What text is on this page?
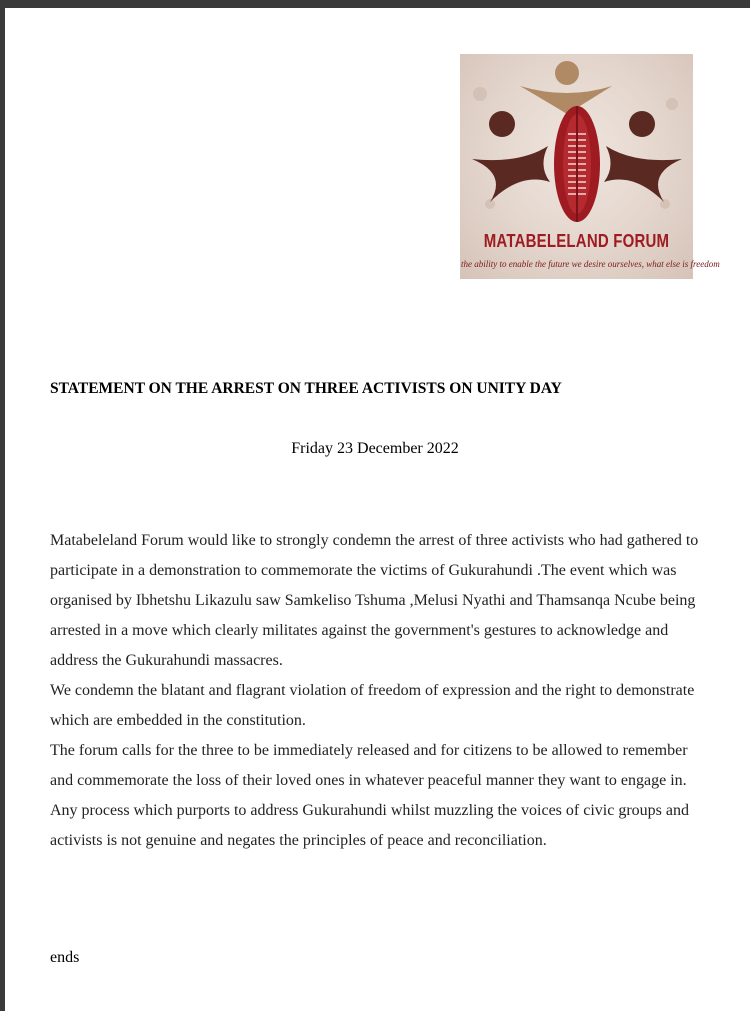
MATABELELAND FORUM
the ability to enable the future we desire ourselves, what else is freedom
STATEMENT ON THE ARREST ON THREE ACTIVISTS ON UNITY DAY
Friday 23 December 2022

Matabeleland Forum would like to strongly condemn the arrest of three activists who had gathered to participate in a demonstration to commemorate the victims of Gukurahundi .The event which was organised by Ibhetshu Likazulu saw Samkeliso Tshuma ,Melusi Nyathi and Thamsanqa Ncube being arrested in a move which clearly militates against the government's gestures to acknowledge and address the Gukurahundi massacres.

We condemn the blatant and flagrant violation of freedom of expression and the right to demonstrate which are embedded in the constitution.

The forum calls for the three to be immediately released and for citizens to be allowed to remember and commemorate the loss of their loved ones in whatever peaceful manner they want to engage in.

Any process which purports to address Gukurahundi whilst muzzling the voices of civic groups and activists is not genuine and negates the principles of peace and reconciliation.

ends
